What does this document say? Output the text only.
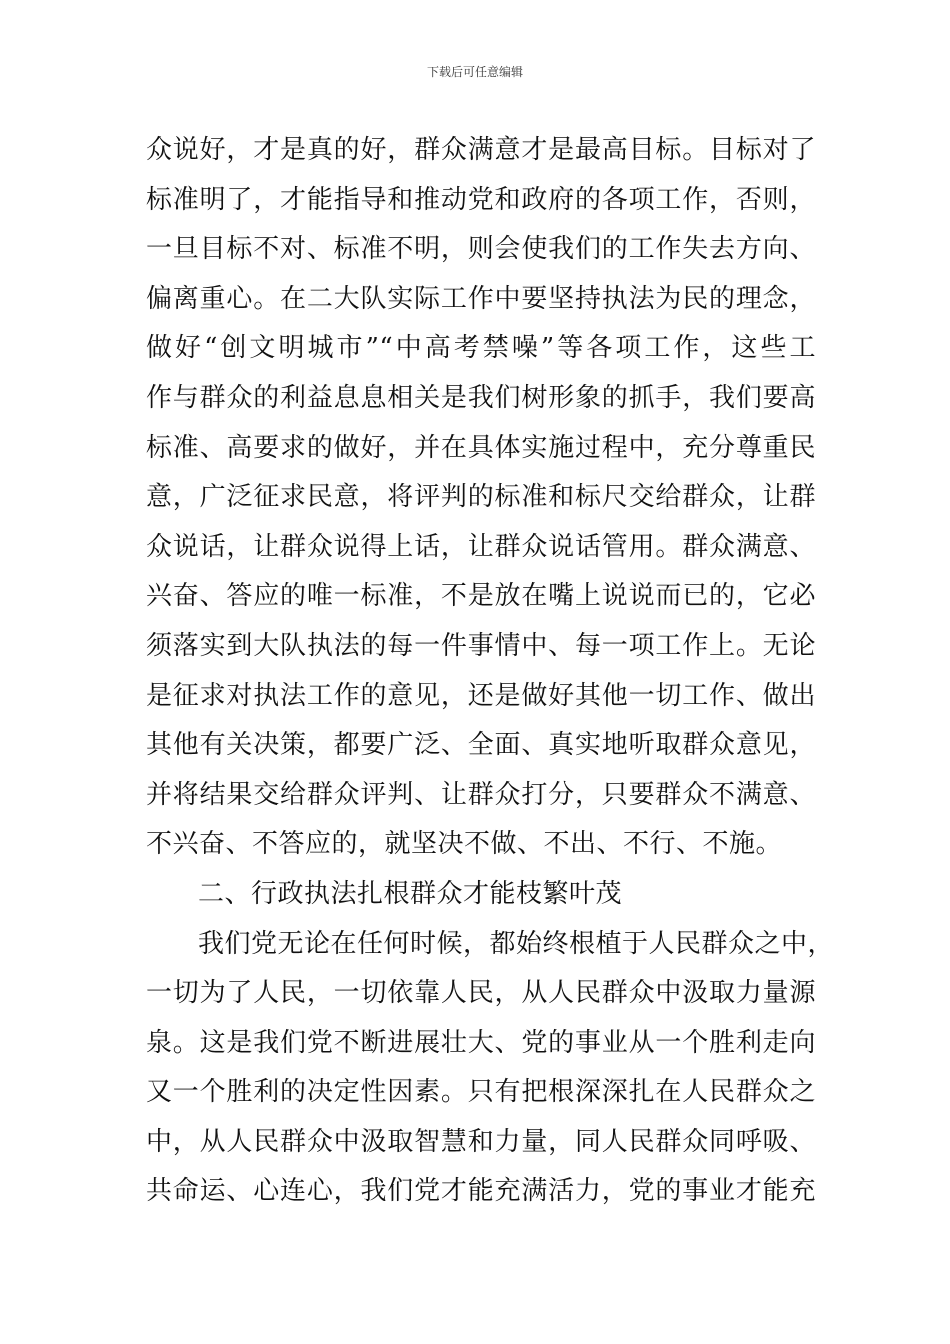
下载后可任意编辑
众说好，才是真的好，群众满意才是最高目标。目标对了
标准明了，才能指导和推动党和政府的各项工作，否则，
一旦目标不对、标准不明，则会使我们的工作失去方向、
偏离重心。在二大队实际工作中要坚持执法为民的理念，
做好“创文明城市”“中高考禁噪”等各项工作，这些工
作与群众的利益息息相关是我们树形象的抓手，我们要高
标准、高要求的做好，并在具体实施过程中，充分尊重民
意，广泛征求民意，将评判的标准和标尺交给群众，让群
众说话，让群众说得上话，让群众说话管用。群众满意、
兴奋、答应的唯一标准，不是放在嘴上说说而已的，它必
须落实到大队执法的每一件事情中、每一项工作上。无论
是征求对执法工作的意见，还是做好其他一切工作、做出
其他有关决策，都要广泛、全面、真实地听取群众意见，
并将结果交给群众评判、让群众打分，只要群众不满意、
不兴奋、不答应的，就坚决不做、不出、不行、不施。
二、行政执法扎根群众才能枝繁叶茂
我们党无论在任何时候，都始终根植于人民群众之中，
一切为了人民，一切依靠人民，从人民群众中汲取力量源
泉。这是我们党不断进展壮大、党的事业从一个胜利走向
又一个胜利的决定性因素。只有把根深深扎在人民群众之
中，从人民群众中汲取智慧和力量，同人民群众同呼吸、
共命运、心连心，我们党才能充满活力，党的事业才能充
